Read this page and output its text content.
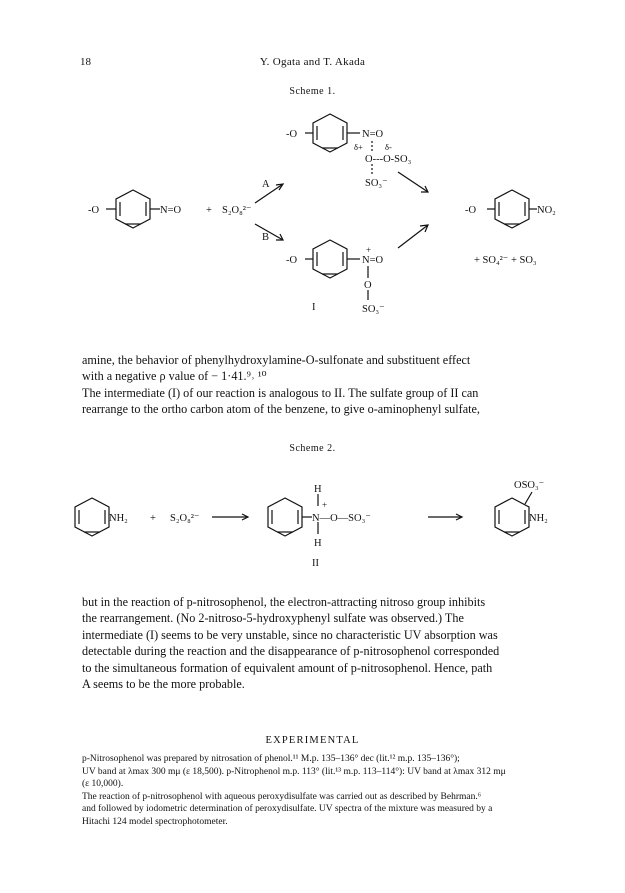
18	Y. Ogata and T. Akada
Scheme 1.
-O	N=O
δ+	δ-
O---O-SO₃
SO₃⁻
-O	N=O + S₂O₈²⁻
A
B
-O
+
N=O
O
SO₃⁻
I
-O	NO₂
+ SO₄²⁻ + SO₃
amine, the behavior of phenylhydroxylamine-O-sulfonate and substituent effect
with a negative ρ value of − 1·41.⁹˒ ¹⁰
The intermediate (I) of our reaction is analogous to II. The sulfate group of II can
rearrange to the ortho carbon atom of the benzene, to give o-aminophenyl sulfate,
Scheme 2.
NH₂ + S₂O₈²⁻
H
+
N—O—SO₃⁻
H
II
OSO₃⁻
NH₂
but in the reaction of p-nitrosophenol, the electron-attracting nitroso group inhibits
the rearrangement. (No 2-nitroso-5-hydroxyphenyl sulfate was observed.) The
intermediate (I) seems to be very unstable, since no characteristic UV absorption was
detectable during the reaction and the disappearance of p-nitrosophenol corresponded
to the simultaneous formation of equivalent amount of p-nitrosophenol. Hence, path
A seems to be the more probable.
EXPERIMENTAL
p-Nitrosophenol was prepared by nitrosation of phenol.¹¹ M.p. 135–136° dec (lit.¹² m.p. 135–136°);
UV band at λmax 300 mμ (ε 18,500). p-Nitrophenol m.p. 113° (lit.¹³ m.p. 113–114°): UV band at λmax 312 mμ
(ε 10,000).
The reaction of p-nitrosophenol with aqueous peroxydisulfate was carried out as described by Behrman.⁶
and followed by iodometric determination of peroxydisulfate. UV spectra of the mixture was measured by a
Hitachi 124 model spectrophotometer.
